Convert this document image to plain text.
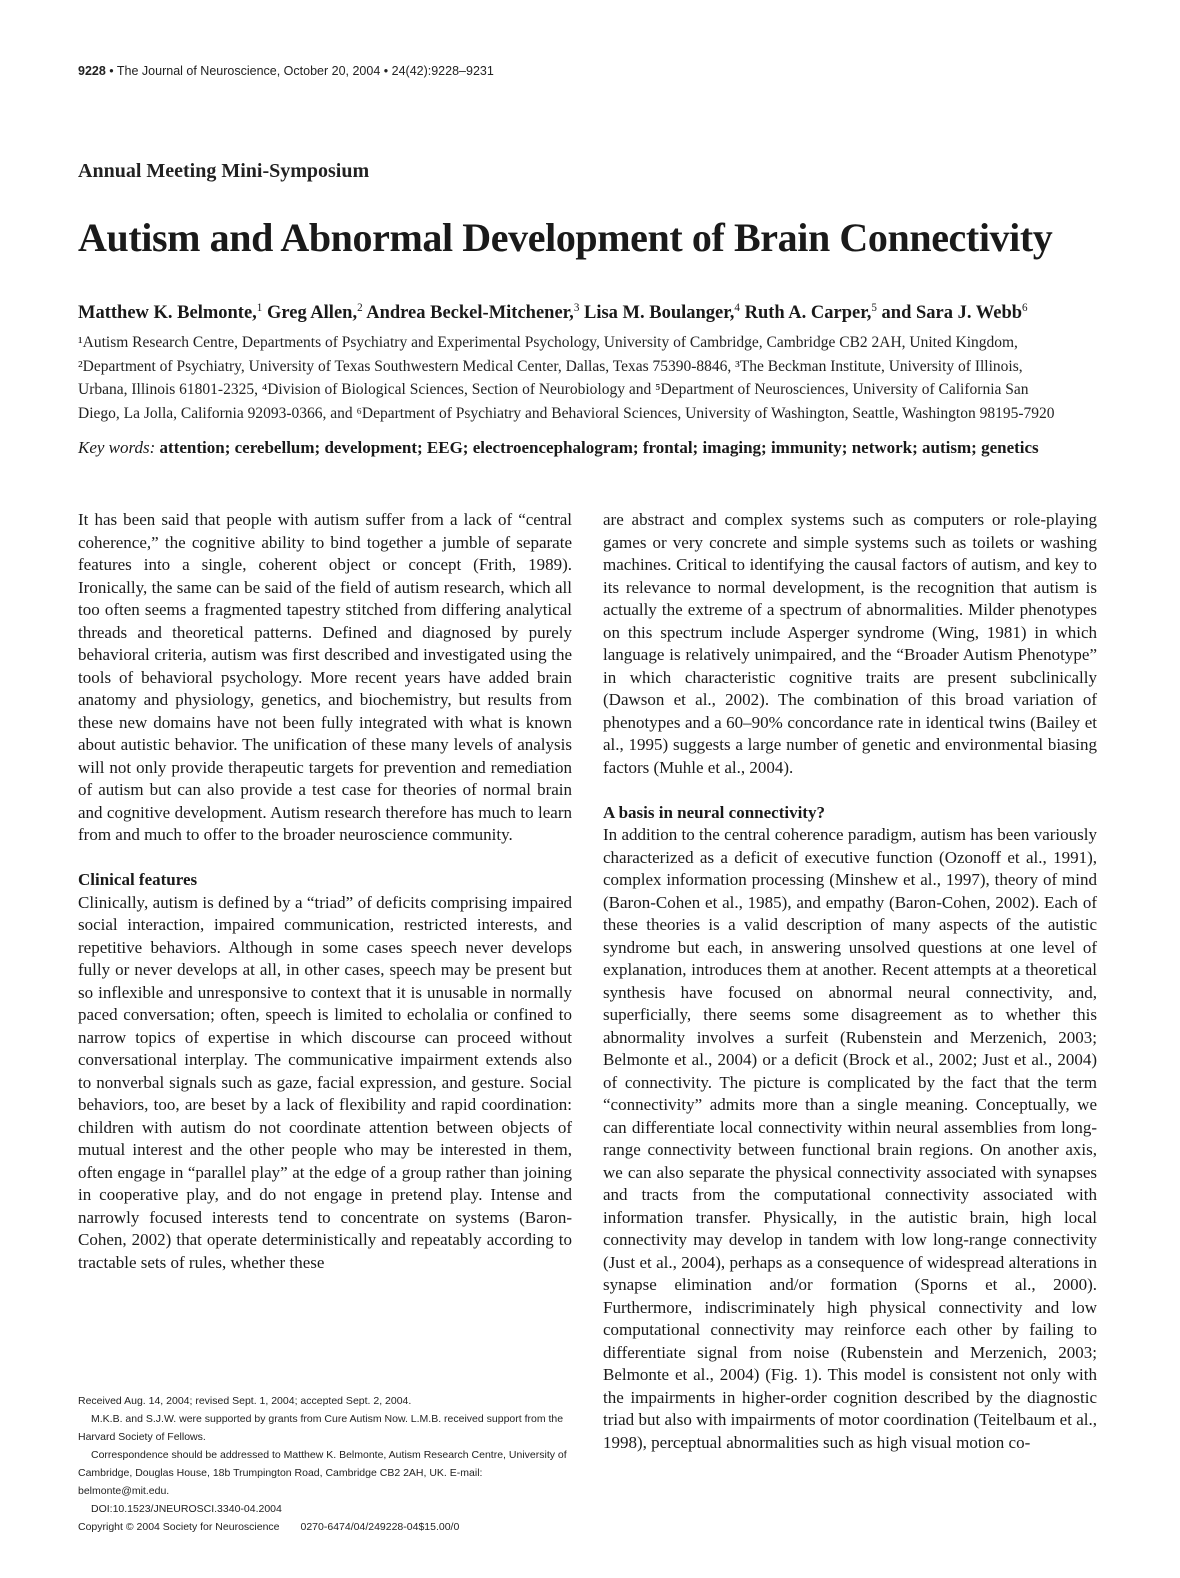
9228 • The Journal of Neuroscience, October 20, 2004 • 24(42):9228–9231
Annual Meeting Mini-Symposium
Autism and Abnormal Development of Brain Connectivity
Matthew K. Belmonte,$^1$ Greg Allen,$^2$ Andrea Beckel-Mitchener,$^3$ Lisa M. Boulanger,$^4$ Ruth A. Carper,$^5$ and Sara J. Webb$^6$
¹Autism Research Centre, Departments of Psychiatry and Experimental Psychology, University of Cambridge, Cambridge CB2 2AH, United Kingdom,
²Department of Psychiatry, University of Texas Southwestern Medical Center, Dallas, Texas 75390-8846, ³The Beckman Institute, University of Illinois,
Urbana, Illinois 61801-2325, ⁴Division of Biological Sciences, Section of Neurobiology and ⁵Department of Neurosciences, University of California San
Diego, La Jolla, California 92093-0366, and ⁶Department of Psychiatry and Behavioral Sciences, University of Washington, Seattle, Washington 98195-7920
Key words: attention; cerebellum; development; EEG; electroencephalogram; frontal; imaging; immunity; network; autism; genetics

It has been said that people with autism suffer from a lack of “central coherence,” the cognitive ability to bind together a jumble of separate features into a single, coherent object or concept (Frith, 1989). Ironically, the same can be said of the field of autism research, which all too often seems a fragmented tapestry stitched from differing analytical threads and theoretical patterns. Defined and diagnosed by purely behavioral criteria, autism was first described and investigated using the tools of behavioral psychology. More recent years have added brain anatomy and physiology, genetics, and biochemistry, but results from these new domains have not been fully integrated with what is known about autistic behavior. The unification of these many levels of analysis will not only provide therapeutic targets for prevention and remediation of autism but can also provide a test case for theories of normal brain and cognitive development. Autism research therefore has much to learn from and much to offer to the broader neuroscience community.

Clinical features

Clinically, autism is defined by a “triad” of deficits comprising impaired social interaction, impaired communication, restricted interests, and repetitive behaviors. Although in some cases speech never develops fully or never develops at all, in other cases, speech may be present but so inflexible and unresponsive to context that it is unusable in normally paced conversation; often, speech is limited to echolalia or confined to narrow topics of expertise in which discourse can proceed without conversational interplay. The communicative impairment extends also to nonverbal signals such as gaze, facial expression, and gesture. Social behaviors, too, are beset by a lack of flexibility and rapid coordination: children with autism do not coordinate attention between objects of mutual interest and the other people who may be interested in them, often engage in “parallel play” at the edge of a group rather than joining in cooperative play, and do not engage in pretend play. Intense and narrowly focused interests tend to concentrate on systems (Baron-Cohen, 2002) that operate deterministically and repeatably according to tractable sets of rules, whether these

are abstract and complex systems such as computers or role-playing games or very concrete and simple systems such as toilets or washing machines. Critical to identifying the causal factors of autism, and key to its relevance to normal development, is the recognition that autism is actually the extreme of a spectrum of abnormalities. Milder phenotypes on this spectrum include Asperger syndrome (Wing, 1981) in which language is relatively unimpaired, and the “Broader Autism Phenotype” in which characteristic cognitive traits are present subclinically (Dawson et al., 2002). The combination of this broad variation of phenotypes and a 60–90% concordance rate in identical twins (Bailey et al., 1995) suggests a large number of genetic and environmental biasing factors (Muhle et al., 2004).

A basis in neural connectivity?

In addition to the central coherence paradigm, autism has been variously characterized as a deficit of executive function (Ozonoff et al., 1991), complex information processing (Minshew et al., 1997), theory of mind (Baron-Cohen et al., 1985), and empathy (Baron-Cohen, 2002). Each of these theories is a valid description of many aspects of the autistic syndrome but each, in answering unsolved questions at one level of explanation, introduces them at another. Recent attempts at a theoretical synthesis have focused on abnormal neural connectivity, and, superficially, there seems some disagreement as to whether this abnormality involves a surfeit (Rubenstein and Merzenich, 2003; Belmonte et al., 2004) or a deficit (Brock et al., 2002; Just et al., 2004) of connectivity. The picture is complicated by the fact that the term “connectivity” admits more than a single meaning. Conceptually, we can differentiate local connectivity within neural assemblies from long-range connectivity between functional brain regions. On another axis, we can also separate the physical connectivity associated with synapses and tracts from the computational connectivity associated with information transfer. Physically, in the autistic brain, high local connectivity may develop in tandem with low long-range connectivity (Just et al., 2004), perhaps as a consequence of widespread alterations in synapse elimination and/or formation (Sporns et al., 2000). Furthermore, indiscriminately high physical connectivity and low computational connectivity may reinforce each other by failing to differentiate signal from noise (Rubenstein and Merzenich, 2003; Belmonte et al., 2004) (Fig. 1). This model is consistent not only with the impairments in higher-order cognition described by the diagnostic triad but also with impairments of motor coordination (Teitelbaum et al., 1998), perceptual abnormalities such as high visual motion co-

Received Aug. 14, 2004; revised Sept. 1, 2004; accepted Sept. 2, 2004.

M.K.B. and S.J.W. were supported by grants from Cure Autism Now. L.M.B. received support from the Harvard Society of Fellows.

Correspondence should be addressed to Matthew K. Belmonte, Autism Research Centre, University of Cambridge, Douglas House, 18b Trumpington Road, Cambridge CB2 2AH, UK. E-mail: belmonte@mit.edu.

DOI:10.1523/JNEUROSCI.3340-04.2004

Copyright © 2004 Society for Neuroscience  0270-6474/04/249228-04$15.00/0
